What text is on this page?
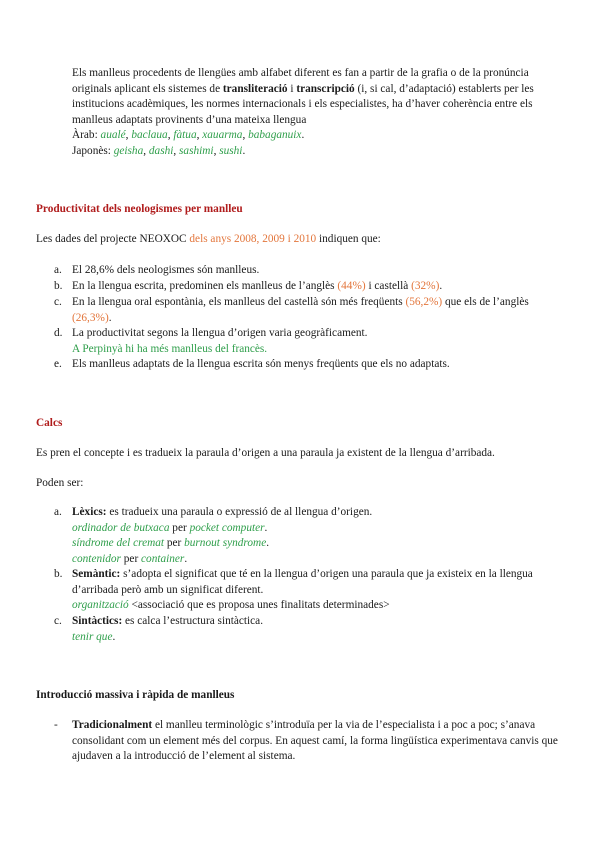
Els manlleus procedents de llengües amb alfabet diferent es fan a partir de la grafia o de la pronúncia originals aplicant els sistemes de transliteració i transcripció (i, si cal, d’adaptació) establerts per les institucions acadèmiques, les normes internacionals i els especialistes, ha d’haver coherència entre els manlleus adaptats provinents d’una mateixa llengua
Àrab: aualé, baclaua, fàtua, xauarma, babaganuix.
Japonès: geisha, dashi, sashimi, sushi.
Productivitat dels neologismes per manlleu
Les dades del projecte NEOXOC dels anys 2008, 2009 i 2010 indiquen que:
a. El 28,6% dels neologismes són manlleus.
b. En la llengua escrita, predominen els manlleus de l’anglès (44%) i castellà (32%).
c. En la llengua oral espontània, els manlleus del castellà són més freqüents (56,2%) que els de l’anglès (26,3%).
d. La productivitat segons la llengua d’origen varia geogràficament.
A Perpinyà hi ha més manlleus del francès.
e. Els manlleus adaptats de la llengua escrita són menys freqüents que els no adaptats.
Calcs
Es pren el concepte i es tradueix la paraula d’origen a una paraula ja existent de la llengua d’arribada.
Poden ser:
a. Lèxics: es tradueix una paraula o expressió de al llengua d’origen.
ordinador de butxaca per pocket computer.
síndrome del cremat per burnout syndrome.
contenidor per container.
b. Semàntic: s’adopta el significat que té en la llengua d’origen una paraula que ja existeix en la llengua d’arribada però amb un significat diferent.
organització <associació que es proposa unes finalitats determinades>
c. Sintàctics: es calca l’estructura sintàctica.
tenir que.
Introducció massiva i ràpida de manlleus
-	Tradicionalment el manlleu terminològic s’introduïa per la via de l’especialista i a poc a poc; s’anava consolidant com un element més del corpus. En aquest camí, la forma lingüística experimentava canvis que ajudaven a la introducció de l’element al sistema.
